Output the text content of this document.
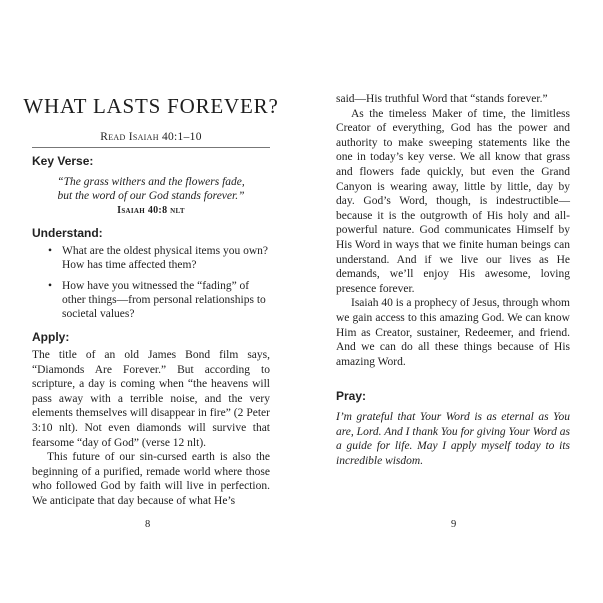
WHAT LASTS FOREVER?
Read Isaiah 40:1–10
Key Verse:
“The grass withers and the flowers fade,
but the word of our God stands forever.”
Isaiah 40:8 nlt
Understand:
• What are the oldest physical items you own? How has time affected them?
• How have you witnessed the “fading” of other things—from personal relationships to societal values?
Apply:

The title of an old James Bond film says, “Diamonds Are Forever.” But according to scripture, a day is coming when “the heavens will pass away with a terrible noise, and the very elements themselves will disappear in fire” (2 Peter 3:10 nlt). Not even diamonds will survive that fearsome “day of God” (verse 12 nlt).

This future of our sin-cursed earth is also the beginning of a purified, remade world where those who followed God by faith will live in perfection. We anticipate that day because of what He’s

8

said—His truthful Word that “stands forever.”

As the timeless Maker of time, the limitless Creator of everything, God has the power and authority to make sweeping statements like the one in today’s key verse. We all know that grass and flowers fade quickly, but even the Grand Canyon is wearing away, little by little, day by day. God’s Word, though, is indestructible—because it is the outgrowth of His holy and all-powerful nature. God communicates Himself by His Word in ways that we finite human beings can understand. And if we live our lives as He demands, we’ll enjoy His awesome, loving presence forever.

Isaiah 40 is a prophecy of Jesus, through whom we gain access to this amazing God. We can know Him as Creator, sustainer, Redeemer, and friend. And we can do all these things because of His amazing Word.

Pray:

I’m grateful that Your Word is as eternal as You are, Lord. And I thank You for giving Your Word as a guide for life. May I apply myself today to its incredible wisdom.

9
